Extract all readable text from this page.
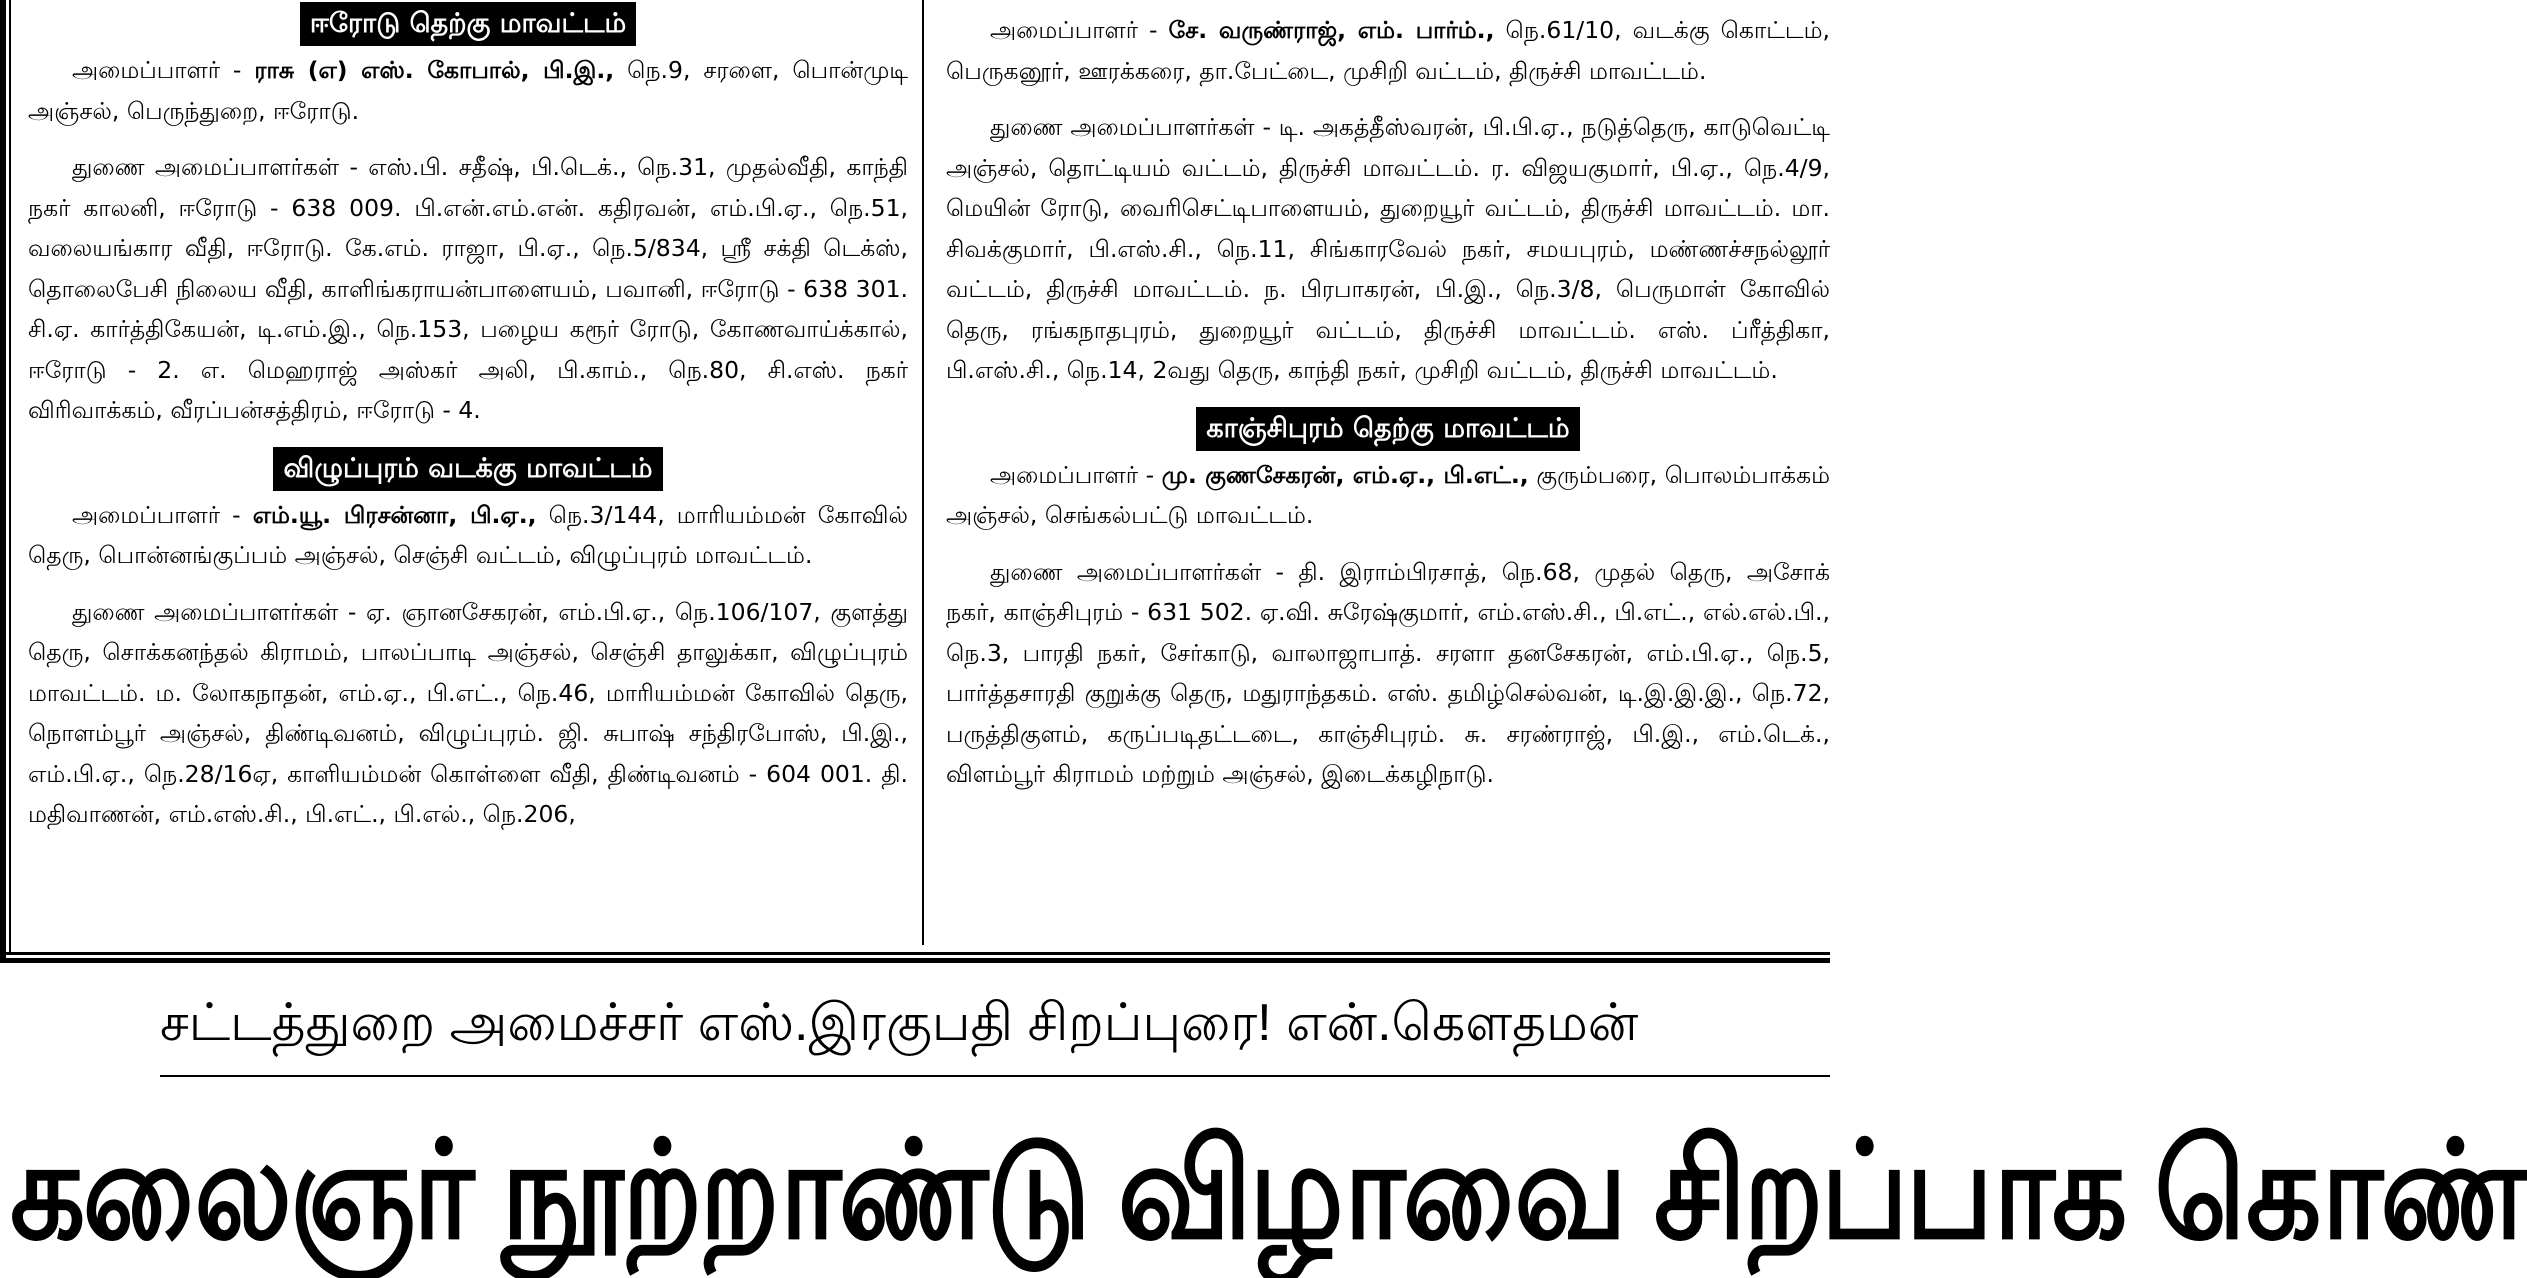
ஈரோடு தெற்கு மாவட்டம்

அமைப்பாளர் - ராசு (எ) எஸ். கோபால், பி.இ., நெ.9, சரளை, பொன்முடி அஞ்சல், பெருந்துறை, ஈரோடு.

துணை அமைப்பாளர்கள் - எஸ்.பி. சதீஷ், பி.டெக்., நெ.31, முதல்வீதி, காந்தி நகர் காலனி, ஈரோடு - 638 009. பி.என்.எம்.என். கதிரவன், எம்.பி.ஏ., நெ.51, வலையங்கார வீதி, ஈரோடு. கே.எம். ராஜா, பி.ஏ., நெ.5/834, ஸ்ரீ சக்தி டெக்ஸ், தொலைபேசி நிலைய வீதி, காளிங்கராயன்பாளையம், பவானி, ஈரோடு - 638 301. சி.ஏ. கார்த்திகேயன், டி.எம்.இ., நெ.153, பழைய கரூர் ரோடு, கோணவாய்க்கால், ஈரோடு - 2. எ. மெஹராஜ் அஸ்கர் அலி, பி.காம்., நெ.80, சி.எஸ். நகர் விரிவாக்கம், வீரப்பன்சத்திரம், ஈரோடு - 4.

விழுப்புரம் வடக்கு மாவட்டம்

அமைப்பாளர் - எம்.யூ. பிரசன்னா, பி.ஏ., நெ.3/144, மாரியம்மன் கோவில் தெரு, பொன்னங்குப்பம் அஞ்சல், செஞ்சி வட்டம், விழுப்புரம் மாவட்டம்.

துணை அமைப்பாளர்கள் - ஏ. ஞானசேகரன், எம்.பி.ஏ., நெ.106/107, குளத்து தெரு, சொக்கனந்தல் கிராமம், பாலப்பாடி அஞ்சல், செஞ்சி தாலுக்கா, விழுப்புரம் மாவட்டம். ம. லோகநாதன், எம்.ஏ., பி.எட்., நெ.46, மாரியம்மன் கோவில் தெரு, நொளம்பூர் அஞ்சல், திண்டிவனம், விழுப்புரம். ஜி. சுபாஷ் சந்திரபோஸ், பி.இ., எம்.பி.ஏ., நெ.28/16ஏ, காளியம்மன் கொள்ளை வீதி, திண்டிவனம் - 604 001. தி. மதிவாணன், எம்.எஸ்.சி., பி.எட்., பி.எல்., நெ.206,

அமைப்பாளர் - சே. வருண்ராஜ், எம். பார்ம்., நெ.61/10, வடக்கு கொட்டம், பெருகனூர், ஊரக்கரை, தா.பேட்டை, முசிறி வட்டம், திருச்சி மாவட்டம்.

துணை அமைப்பாளர்கள் - டி. அகத்தீஸ்வரன், பி.பி.ஏ., நடுத்தெரு, காடுவெட்டி அஞ்சல், தொட்டியம் வட்டம், திருச்சி மாவட்டம். ர. விஜயகுமார், பி.ஏ., நெ.4/9, மெயின் ரோடு, வைரிசெட்டிபாளையம், துறையூர் வட்டம், திருச்சி மாவட்டம். மா. சிவக்குமார், பி.எஸ்.சி., நெ.11, சிங்காரவேல் நகர், சமயபுரம், மண்ணச்சநல்லூர் வட்டம், திருச்சி மாவட்டம். ந. பிரபாகரன், பி.இ., நெ.3/8, பெருமாள் கோவில் தெரு, ரங்கநாதபுரம், துறையூர் வட்டம், திருச்சி மாவட்டம். எஸ். ப்ரீத்திகா, பி.எஸ்.சி., நெ.14, 2வது தெரு, காந்தி நகர், முசிறி வட்டம், திருச்சி மாவட்டம்.

காஞ்சிபுரம் தெற்கு மாவட்டம்

அமைப்பாளர் - மு. குணசேகரன், எம்.ஏ., பி.எட்., குரும்பரை, பொலம்பாக்கம் அஞ்சல், செங்கல்பட்டு மாவட்டம்.

துணை அமைப்பாளர்கள் - தி. இராம்பிரசாத், நெ.68, முதல் தெரு, அசோக் நகர், காஞ்சிபுரம் - 631 502. ஏ.வி. சுரேஷ்குமார், எம்.எஸ்.சி., பி.எட்., எல்.எல்.பி., நெ.3, பாரதி நகர், சேர்காடு, வாலாஜாபாத். சரளா தனசேகரன், எம்.பி.ஏ., நெ.5, பார்த்தசாரதி குறுக்கு தெரு, மதுராந்தகம். எஸ். தமிழ்செல்வன், டி.இ.இ.இ., நெ.72, பருத்திகுளம், கருப்படிதட்டடை, காஞ்சிபுரம். சு. சரண்ராஜ், பி.இ., எம்.டெக்., விளம்பூர் கிராமம் மற்றும் அஞ்சல், இடைக்கழிநாடு.

சட்டத்துறை அமைச்சர் எஸ்.இரகுபதி சிறப்புரை! என்.கௌதமன்
கலைஞர் நூற்றாண்டு விழாவை சிறப்பாக கொண்
